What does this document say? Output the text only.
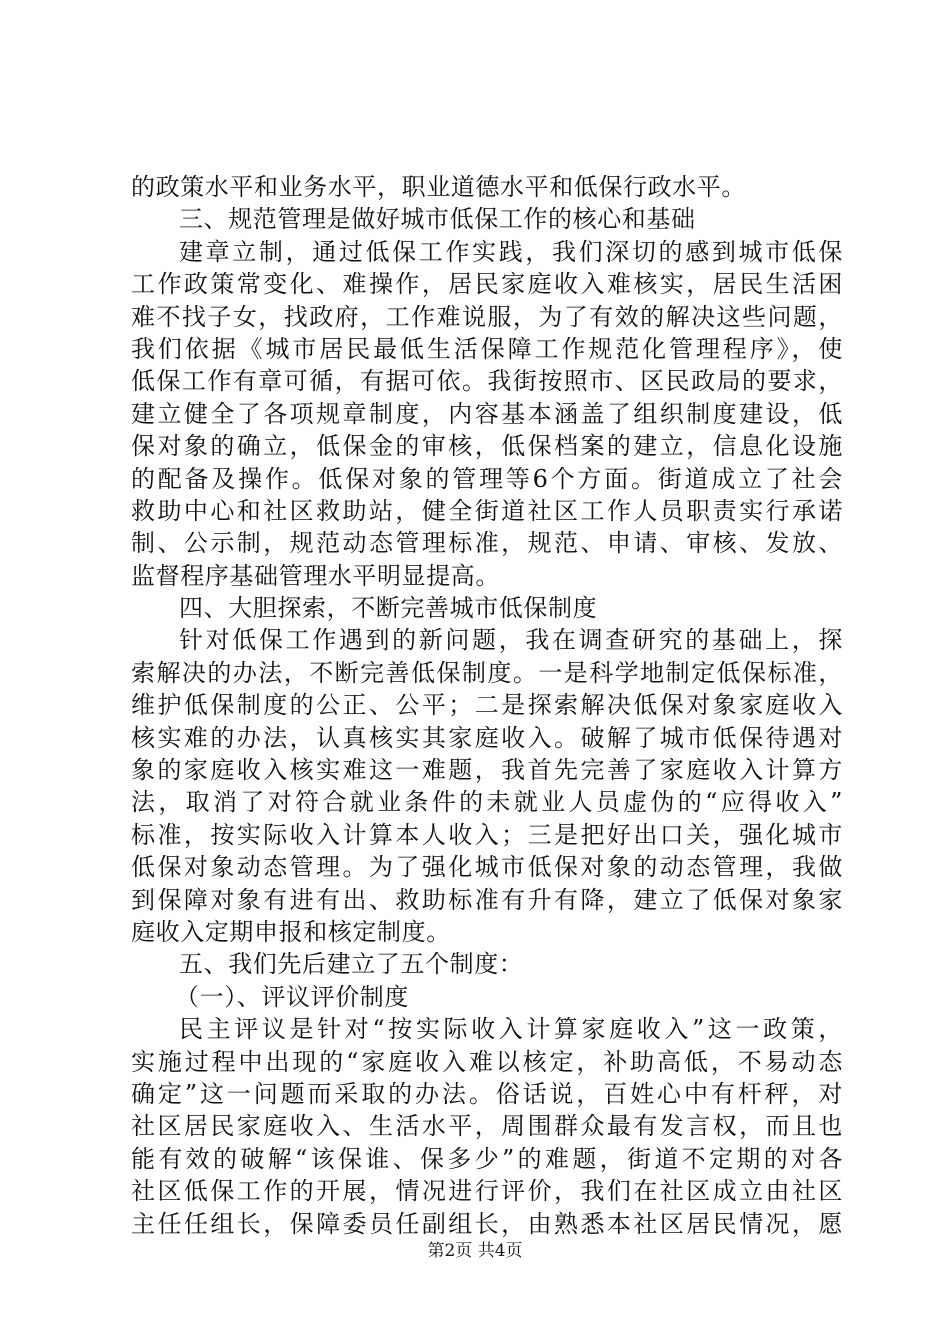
的政策水平和业务水平，职业道德水平和低保行政水平。
三、规范管理是做好城市低保工作的核心和基础
建章立制，通过低保工作实践，我们深切的感到城市低保
工作政策常变化、难操作，居民家庭收入难核实，居民生活困
难不找子女，找政府，工作难说服，为了有效的解决这些问题，
我们依据《城市居民最低生活保障工作规范化管理程序》，使
低保工作有章可循，有据可依。我街按照市、区民政局的要求，
建立健全了各项规章制度，内容基本涵盖了组织制度建设，低
保对象的确立，低保金的审核，低保档案的建立，信息化设施
的配备及操作。低保对象的管理等6个方面。街道成立了社会
救助中心和社区救助站，健全街道社区工作人员职责实行承诺
制、公示制，规范动态管理标准，规范、申请、审核、发放、
监督程序基础管理水平明显提高。
四、大胆探索，不断完善城市低保制度
针对低保工作遇到的新问题，我在调查研究的基础上，探
索解决的办法，不断完善低保制度。一是科学地制定低保标准，
维护低保制度的公正、公平；二是探索解决低保对象家庭收入
核实难的办法，认真核实其家庭收入。破解了城市低保待遇对
象的家庭收入核实难这一难题，我首先完善了家庭收入计算方
法，取消了对符合就业条件的未就业人员虚伪的“应得收入”
标准，按实际收入计算本人收入；三是把好出口关，强化城市
低保对象动态管理。为了强化城市低保对象的动态管理，我做
到保障对象有进有出、救助标准有升有降，建立了低保对象家
庭收入定期申报和核定制度。
五、我们先后建立了五个制度：
（一）、评议评价制度
民主评议是针对“按实际收入计算家庭收入”这一政策，
实施过程中出现的“家庭收入难以核定，补助高低，不易动态
确定”这一问题而采取的办法。俗话说，百姓心中有杆秤，对
社区居民家庭收入、生活水平，周围群众最有发言权，而且也
能有效的破解“该保谁、保多少”的难题，街道不定期的对各
社区低保工作的开展，情况进行评价，我们在社区成立由社区
主任任组长，保障委员任副组长，由熟悉本社区居民情况，愿
第2页 共4页
